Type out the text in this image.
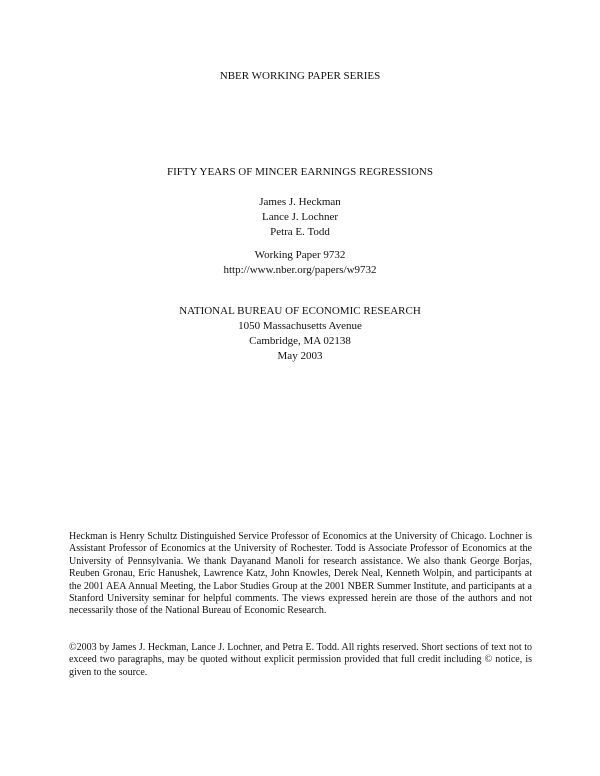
NBER WORKING PAPER SERIES
FIFTY YEARS OF MINCER EARNINGS REGRESSIONS
James J. Heckman
Lance J. Lochner
Petra E. Todd
Working Paper 9732
http://www.nber.org/papers/w9732
NATIONAL BUREAU OF ECONOMIC RESEARCH
1050 Massachusetts Avenue
Cambridge, MA 02138
May 2003

Heckman is Henry Schultz Distinguished Service Professor of Economics at the University of Chicago. Lochner is Assistant Professor of Economics at the University of Rochester. Todd is Associate Professor of Economics at the University of Pennsylvania. We thank Dayanand Manoli for research assistance. We also thank George Borjas, Reuben Gronau, Eric Hanushek, Lawrence Katz, John Knowles, Derek Neal, Kenneth Wolpin, and participants at the 2001 AEA Annual Meeting, the Labor Studies Group at the 2001 NBER Summer Institute, and participants at a Stanford University seminar for helpful comments. The views expressed herein are those of the authors and not necessarily those of the National Bureau of Economic Research.

©2003 by James J. Heckman, Lance J. Lochner, and Petra E. Todd. All rights reserved. Short sections of text not to exceed two paragraphs, may be quoted without explicit permission provided that full credit including © notice, is given to the source.
